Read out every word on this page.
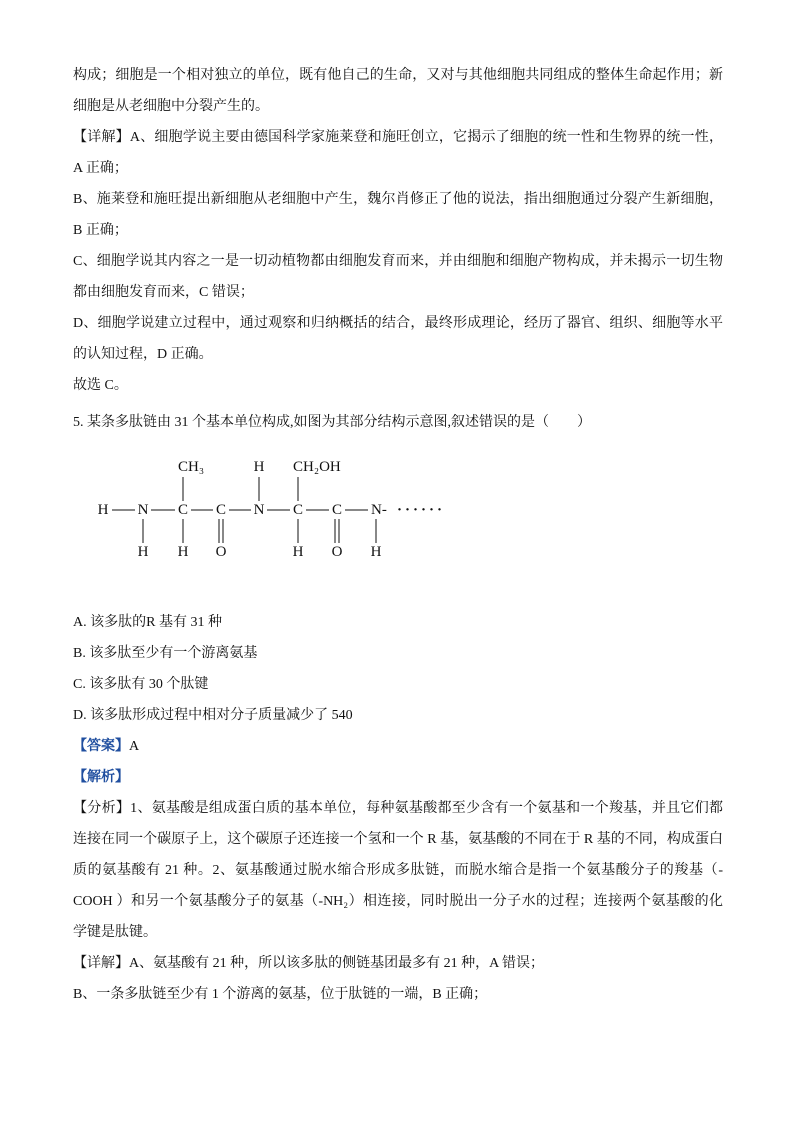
构成；细胞是一个相对独立的单位，既有他自己的生命，又对与其他细胞共同组成的整体生命起作用；新
细胞是从老细胞中分裂产生的。
【详解】A、细胞学说主要由德国科学家施莱登和施旺创立，它揭示了细胞的统一性和生物界的统一性，
A 正确；
B、施莱登和施旺提出新细胞从老细胞中产生，魏尔肖修正了他的说法，指出细胞通过分裂产生新细胞，
B 正确；
C、细胞学说其内容之一是一切动植物都由细胞发育而来，并由细胞和细胞产物构成，并未揭示一切生物
都由细胞发育而来，C 错误；
D、细胞学说建立过程中，通过观察和归纳概括的结合，最终形成理论，经历了器官、组织、细胞等水平
的认知过程，D 正确。
故选 C。
5. 某条多肽链由 31 个基本单位构成,如图为其部分结构示意图,叙述错误的是（　　）
CH₃	H CH₂OH
H N C C N C C N- ······
H H O	H O H
A. 该多肽的R 基有 31 种
B. 该多肽至少有一个游离氨基
C. 该多肽有 30 个肽键
D. 该多肽形成过程中相对分子质量减少了 540
【答案】A
【解析】
【分析】1、氨基酸是组成蛋白质的基本单位，每种氨基酸都至少含有一个氨基和一个羧基，并且它们都
连接在同一个碳原子上，这个碳原子还连接一个氢和一个 R 基，氨基酸的不同在于 R 基的不同，构成蛋白
质的氨基酸有 21 种。2、氨基酸通过脱水缩合形成多肽链，而脱水缩合是指一个氨基酸分子的羧基（-
COOH ）和另一个氨基酸分子的氨基（-NH₂）相连接，同时脱出一分子水的过程；连接两个氨基酸的化
学键是肽键。
【详解】A、氨基酸有 21 种，所以该多肽的侧链基团最多有 21 种，A 错误；
B、一条多肽链至少有 1 个游离的氨基，位于肽链的一端，B 正确；
